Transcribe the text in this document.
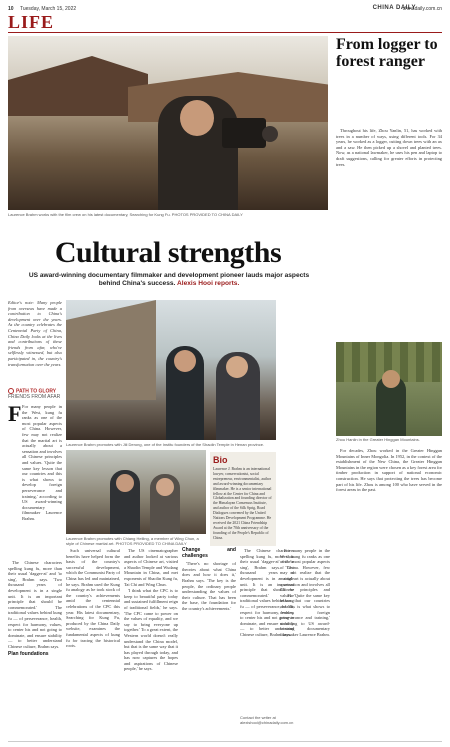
10 Tuesday, March 15, 2022	CHINA DAILY
chinadaily.com.cn
LIFE
Laurence Brahm works with the film crew on his latest documentary, Searching for Kung Fu. PHOTOS PROVIDED TO CHINA DAILY
Cultural strengths
US award-winning documentary filmmaker and development pioneer lauds major aspects behind China's success. Alexis Hooi reports.
From logger to forest ranger

Throughout his life, Zhou Yanlin, 51, has worked with trees in a number of ways, using different tools. For 34 years, he worked as a logger, cutting down trees with an ax and a saw. He then picked up a shovel and planted trees. Now, as a national lawmaker, he uses his pen and laptop to draft suggestions, calling for greater efforts in protecting trees.

Editor's note: Many people from overseas have made a contribution to China's development over the years. As the country celebrates the Centennial Party of China, China Daily looks at the lives and contributions of these friends from afar, who've selflessly witnessed, but also participated in, the country's transformation over the years.

PATH TO GLORY
FRIENDS FROM AFAR
F For many people in the West, kung fu ranks as one of the most popular aspects of China. However, few may not realize that the martial art is actually about a sensation and involves all Chinese principles and values. 'Quite the same key lesson that our countries and this is what shows to develop foreign perseverance and training,' according to US award-winning documentary filmmaker Laurence Brahm.

The Chinese characters spelling kung fu, more than their usual 'dagger-ai' and 'to sing', Brahm says. 'Two thousand years of development is in a single unit. It is an important principle that should be commemorated.' The traditional values behind kung fu — of perseverance, health, respect for harmony, values, to center his and not going to dominate, and ensure stability — to better understand Chinese culture, Brahm says.

Plan foundations
Laurence Brahm promotes with Jili Derong, one of the Institu founders of the Shaolin Temple in Henan province.
Laurence Brahm promotes with Chiang Heiling, a member of Wing Chun, a style of Chinese martial art. PHOTOS PROVIDED TO CHINA DAILY
Bio
Laurence J. Brahm is an international lawyer, conservationist, social entrepreneur, environmentalist, author and award-winning documentary filmmaker. He is a senior international fellow at the Center for China and Globalization and founding director of the Himalayan Consensus Institute, and author of the Silk Sprig, Road Dialogues convened by the United Nations Development Programme. He received the 2021 China Friendship Award at the 70th anniversary of the founding of the People's Republic of China.

Such universal cultural benefits have helped form the basis of the country's successful development, which the Communist Party of China has led and maintained, he says. Brahm used the Kung fu analogy as he took stock of the country's achievements amid the centennial celebrations of the CPC this year. His latest documentary, Searching for Kung Fu, produced by the China Daily website, examines the fundamental aspects of kung fu for tracing the historical roots.

The US cinematographer and author looked at various aspects of Chinese art, visited a Shaolin Temple and Wudang Mountain in China, and met exponents of Shaolin Kung fu, Tai Chi and Wing Chun.

'I think what the CPC is to keep to beautiful party today and sustained fulfillment reign of traditional fields,' he says. 'The CPC came to power on the values of equality, and we say to bring everyone up together.' To a great extent, the Western world doesn't really understand the China model, but that is the same way that it has played through today, and has now captures the hopes and aspirations of Chinese people,' he says.

Change and challenges

'There's no shortage of theories about what China does and how it does it,' Brahm says. 'The key is the people, the ordinary people understanding the values of their culture. That has been the base, the foundation for the country's achievements.'

The Chinese characters spelling kung fu, more than their usual 'dagger-ai' and 'to sing', Brahm says. 'Two thousand years of development is in a single unit. It is an important principle that should be commemorated.' The traditional values behind kung fu — of perseverance, health, respect for harmony, values, to center his and not going to dominate, and ensure stability — to better understand Chinese culture, Brahm says.

Contact the writer at alexishooi@chinadaily.com.cn

For many people in the West, kung fu ranks as one of the most popular aspects of China. However, few may not realize that the martial art is actually about a sensation and involves all Chinese principles and values. 'Quite the same key lesson that our countries and this is what shows to develop foreign perseverance and training,' according to US award-winning documentary filmmaker Laurence Brahm.

Zhou Hanlin in the Greater Hinggan Mountains.

For decades, Zhou worked in the Greater Hinggan Mountains of Inner Mongolia. In 1952, in the context of the establishment of the New China, the Greater Hinggan Mountains in the region were chosen as a key forest area for timber production in support of national economic construction. He says that protecting the trees has become part of his life. Zhou is among 100 who have served in the forest areas in the past.
